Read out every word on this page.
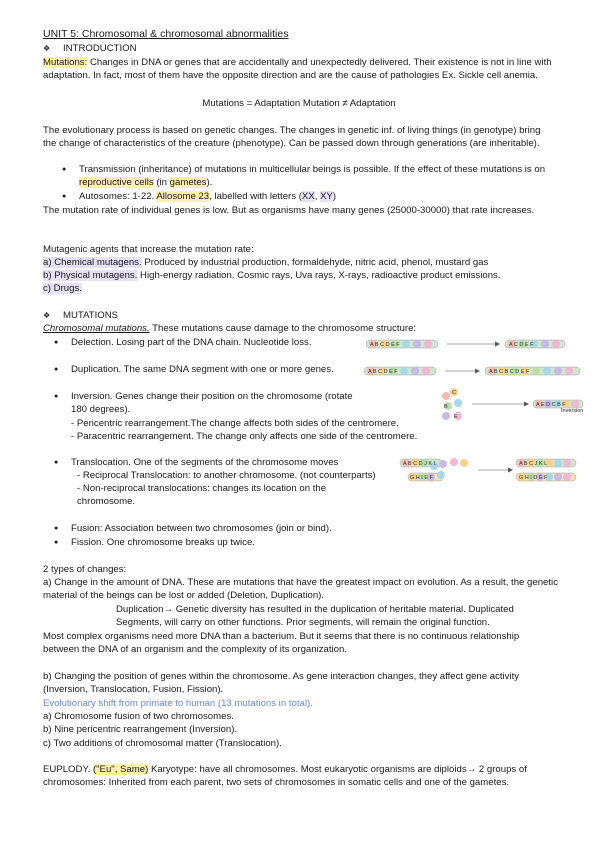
UNIT 5: Chromosomal & chromosomal abnormalities
❖ INTRODUCTION
Mutations: Changes in DNA or genes that are accidentally and unexpectedly delivered. Their existence is not in line with adaptation. In fact, most of them have the opposite direction and are the cause of pathologies Ex. Sickle cell anemia.
Mutations = Adaptation Mutation ≠ Adaptation
The evolutionary process is based on genetic changes. The changes in genetic inf. of living things (in genotype) bring the change of characteristics of the creature (phenotype). Can be passed down through generations (are inheritable).
● Transmission (inheritance) of mutations in multicellular beings is possible. If the effect of these mutations is on reproductive cells (in gametes).
● Autosomes: 1-22. Allosome 23, labelled with letters (XX, XY)
The mutation rate of individual genes is low. But as organisms have many genes (25000-30000) that rate increases.
Mutagenic agents that increase the mutation rate:
a) Chemical mutagens. Produced by industrial production, formaldehyde, nitric acid, phenol, mustard gas
b) Physical mutagens. High-energy radiation. Cosmic rays, Uva rays, X-rays, radioactive product emissions.
c) Drugs.
❖ MUTATIONS
Chromosomal mutations. These mutations cause damage to the chromosome structure:
● Delection. Losing part of the DNA chain. Nucleotide loss.	A B C D E F	A C D E F
● Duplication. The same DNA segment with one or more genes.	A B C D E F	A B C B C D E F
● Inversion. Genes change their position on the chromosome (rotate 180 degrees).
- Pericentric rearrangement.The change affects both sides of the centromere.
- Paracentric rearrangement. The change only affects one side of the centromere.
C
B
E
A E D C B F
Inversion
● Translocation. One of the segments of the chromosome moves
- Reciprocal Translocation: to another chromosome. (not counterparts)
- Non-reciprocal translocations: changes its location on the chromosome.
A B C D J K L
G H I E F
A B C J K L
G H I D E F
● Fusion: Association between two chromosomes (join or bind).
● Fission. One chromosome breaks up twice.
2 types of changes:
a) Change in the amount of DNA. These are mutations that have the greatest impact on evolution. As a result, the genetic material of the beings can be lost or added (Deletion, Duplication).
Duplication→ Genetic diversity has resulted in the duplication of heritable material. Duplicated Segments, will carry on other functions. Prior segments, will remain the original function.
Most complex organisms need more DNA than a bacterium. But it seems that there is no continuous relationship between the DNA of an organism and the complexity of its organization.
b) Changing the position of genes within the chromosome. As gene interaction changes, they affect gene activity (Inversion, Translocation, Fusion, Fission).
Evolutionary shift from primate to human (13 mutations in total).
a) Chromosome fusion of two chromosomes.
b) Nine pericentric rearrangement (Inversion).
c) Two additions of chromosomal matter (Translocation).
EUPLODY. ("Eu", Same) Karyotype: have all chromosomes. Most eukaryotic organisms are diploids→ 2 groups of chromosomes: Inherited from each parent, two sets of chromosomes in somatic cells and one of the gametes.
